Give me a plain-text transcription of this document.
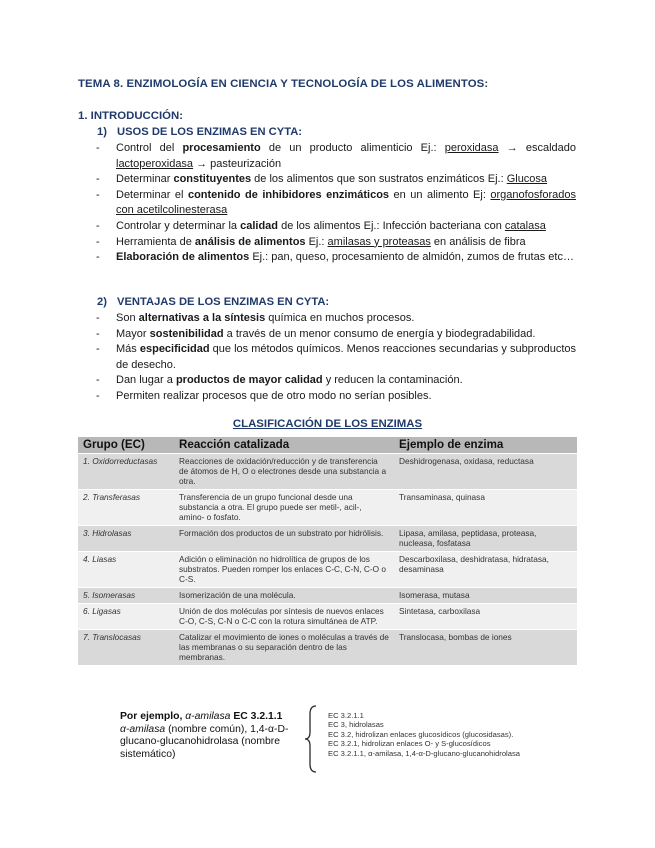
TEMA 8. ENZIMOLOGÍA EN CIENCIA Y TECNOLOGÍA DE LOS ALIMENTOS:
1. INTRODUCCIÓN:
1) USOS DE LOS ENZIMAS EN CYTA:
- Control del procesamiento de un producto alimenticio Ej.: peroxidasa → escaldado lactoperoxidasa → pasteurización
- Determinar constituyentes de los alimentos que son sustratos enzimáticos Ej.: Glucosa
- Determinar el contenido de inhibidores enzimáticos en un alimento Ej: organofosforados con acetilcolinesterasa
- Controlar y determinar la calidad de los alimentos Ej.: Infección bacteriana con catalasa
- Herramienta de análisis de alimentos Ej.: amilasas y proteasas en análisis de fibra
- Elaboración de alimentos Ej.: pan, queso, procesamiento de almidón, zumos de frutas etc…
2) VENTAJAS DE LOS ENZIMAS EN CYTA:
- Son alternativas a la síntesis química en muchos procesos.
- Mayor sostenibilidad a través de un menor consumo de energía y biodegradabilidad.
- Más especificidad que los métodos químicos. Menos reacciones secundarias y subproductos de desecho.
- Dan lugar a productos de mayor calidad y reducen la contaminación.
- Permiten realizar procesos que de otro modo no serían posibles.
CLASIFICACIÓN DE LOS ENZIMAS
Grupo (EC)	Reacción catalizada	Ejemplo de enzima
1. Oxidorreductasas	Reacciones de oxidación/reducción y de transferencia de átomos de H, O o electrones desde una substancia a otra.	Deshidrogenasa, oxidasa, reductasa
2. Transferasas	Transferencia de un grupo funcional desde una substancia a otra. El grupo puede ser metil-, acil-, amino- o fosfato.	Transaminasa, quinasa
3. Hidrolasas	Formación dos productos de un substrato por hidrólisis.	Lipasa, amilasa, peptidasa, proteasa, nucleasa, fosfatasa
4. Liasas	Adición o eliminación no hidrolítica de grupos de los substratos. Pueden romper los enlaces C-C, C-N, C-O o C-S.	Descarboxilasa, deshidratasa, hidratasa, desaminasa
5. Isomerasas	Isomerización de una molécula.	Isomerasa, mutasa
6. Ligasas	Unión de dos moléculas por síntesis de nuevos enlaces C-O, C-S, C-N o C-C con la rotura simultánea de ATP.	Sintetasa, carboxilasa
7. Translocasas	Catalizar el movimiento de iones o moléculas a través de las membranas o su separación dentro de las membranas.	Translocasa, bombas de iones
Por ejemplo, α-amilasa EC 3.2.1.1
α-amilasa (nombre común), 1,4-α-D-glucano-glucanohidrolasa (nombre sistemático)
EC 3.2.1.1
EC 3, hidrolasas
EC 3.2, hidrolizan enlaces glucosídicos (glucosidasas).
EC 3.2.1, hidrolizan enlaces O- y S-glucosídicos
EC 3.2.1.1, α-amilasa, 1,4-α-D-glucano-glucanohidrolasa
